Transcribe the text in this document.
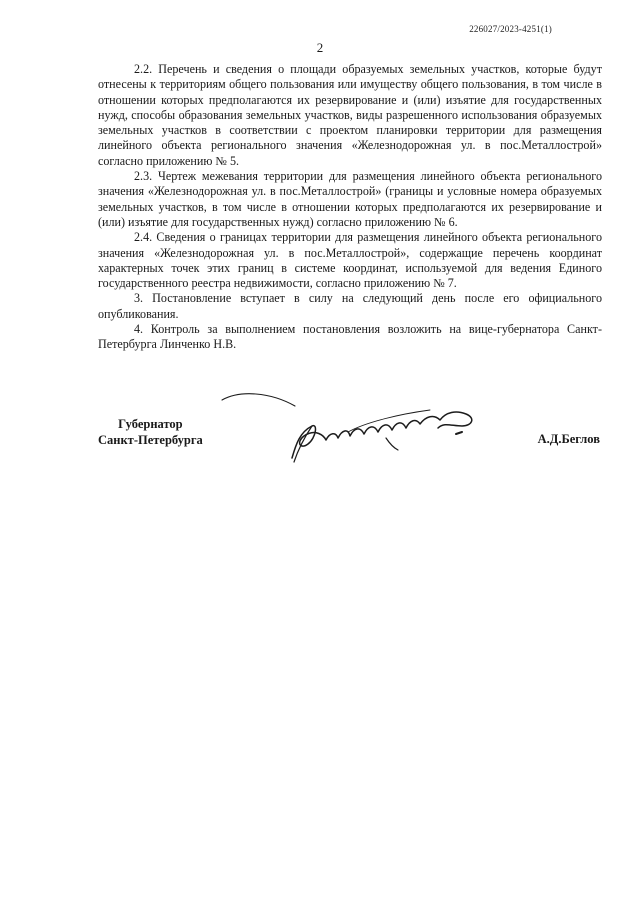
226027/2023-4251(1)
2

2.2. Перечень и сведения о площади образуемых земельных участков, которые будут отнесены к территориям общего пользования или имуществу общего пользования, в том числе в отношении которых предполагаются их резервирование и (или) изъятие для государственных нужд, способы образования земельных участков, виды разрешенного использования образуемых земельных участков в соответствии с проектом планировки территории для размещения линейного объекта регионального значения «Железнодорожная ул. в пос.Металлострой» согласно приложению № 5.

2.3. Чертеж межевания территории для размещения линейного объекта регионального значения «Железнодорожная ул. в пос.Металлострой» (границы и условные номера образуемых земельных участков, в том числе в отношении которых предполагаются их резервирование и (или) изъятие для государственных нужд) согласно приложению № 6.

2.4. Сведения о границах территории для размещения линейного объекта регионального значения «Железнодорожная ул. в пос.Металлострой», содержащие перечень координат характерных точек этих границ в системе координат, используемой для ведения Единого государственного реестра недвижимости, согласно приложению № 7.

3. Постановление вступает в силу на следующий день после его официального опубликования.

4. Контроль за выполнением постановления возложить на вице-губернатора Санкт-Петербурга Линченко Н.В.

Губернатор
Санкт-Петербурга	А.Д.Беглов
